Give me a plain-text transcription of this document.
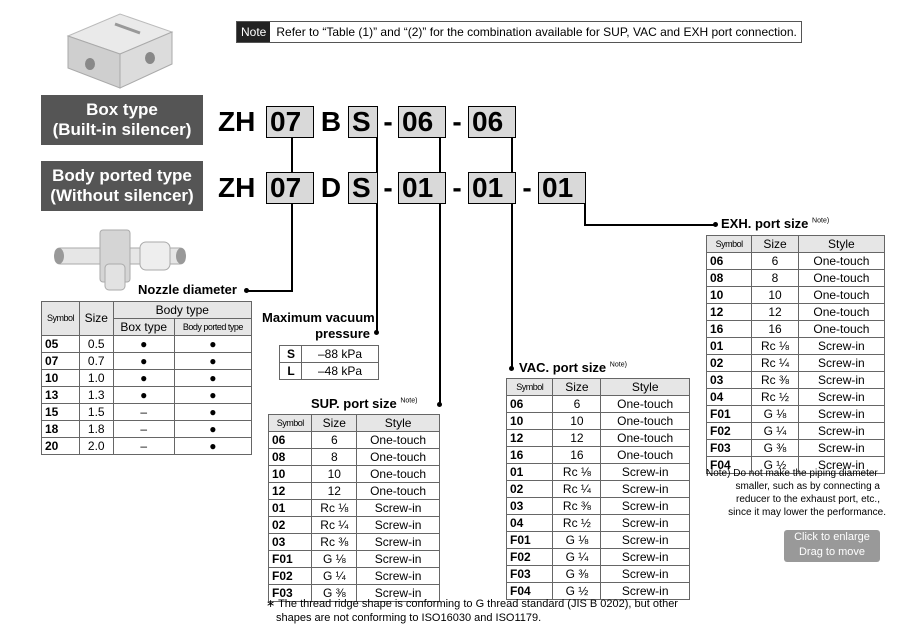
Note Refer to “Table (1)” and “(2)” for the combination available for SUP, VAC and EXH port connection.
Box type
(Built-in silencer)
Body ported type
(Without silencer)
ZH 07 B S - 06 - 06
ZH 07 D S - 01 - 01 - 01
Nozzle diameter
Symbol	Size	Body type	
		Box type	Body ported type
05	0.5	●	●
07	0.7	●	●
10	1.0	●	●
13	1.3	●	●
15	1.5	–	●
18	1.8	–	●
20	2.0	–	●
Maximum vacuum
pressure
S	–88 kPa
L	–48 kPa
SUP. port size $^{Note)}$
Symbol	Size	Style
06	6	One-touch
08	8	One-touch
10	10	One-touch
12	12	One-touch
01	Rc ⅛	Screw-in
02	Rc ¼	Screw-in
03	Rc ⅜	Screw-in
F01	G ⅛	Screw-in
F02	G ¼	Screw-in
F03	G ⅜	Screw-in
VAC. port size $^{Note)}$
Symbol	Size	Style
06	6	One-touch
10	10	One-touch
12	12	One-touch
16	16	One-touch
01	Rc ⅛	Screw-in
02	Rc ¼	Screw-in
03	Rc ⅜	Screw-in
04	Rc ½	Screw-in
F01	G ⅛	Screw-in
F02	G ¼	Screw-in
F03	G ⅜	Screw-in
F04	G ½	Screw-in
EXH. port size $^{Note)}$
Symbol	Size	Style
06	6	One-touch
08	8	One-touch
10	10	One-touch
12	12	One-touch
16	16	One-touch
01	Rc ⅛	Screw-in
02	Rc ¼	Screw-in
03	Rc ⅜	Screw-in
04	Rc ½	Screw-in
F01	G ⅛	Screw-in
F02	G ¼	Screw-in
F03	G ⅜	Screw-in
F04	G ½	Screw-in
Note) Do not make the piping diameter
smaller, such as by connecting a
reducer to the exhaust port, etc.,
since it may lower the performance.
∗ The thread ridge shape is conforming to G thread standard (JIS B 0202), but other
shapes are not conforming to ISO16030 and ISO1179.
Click to enlarge
Drag to move
